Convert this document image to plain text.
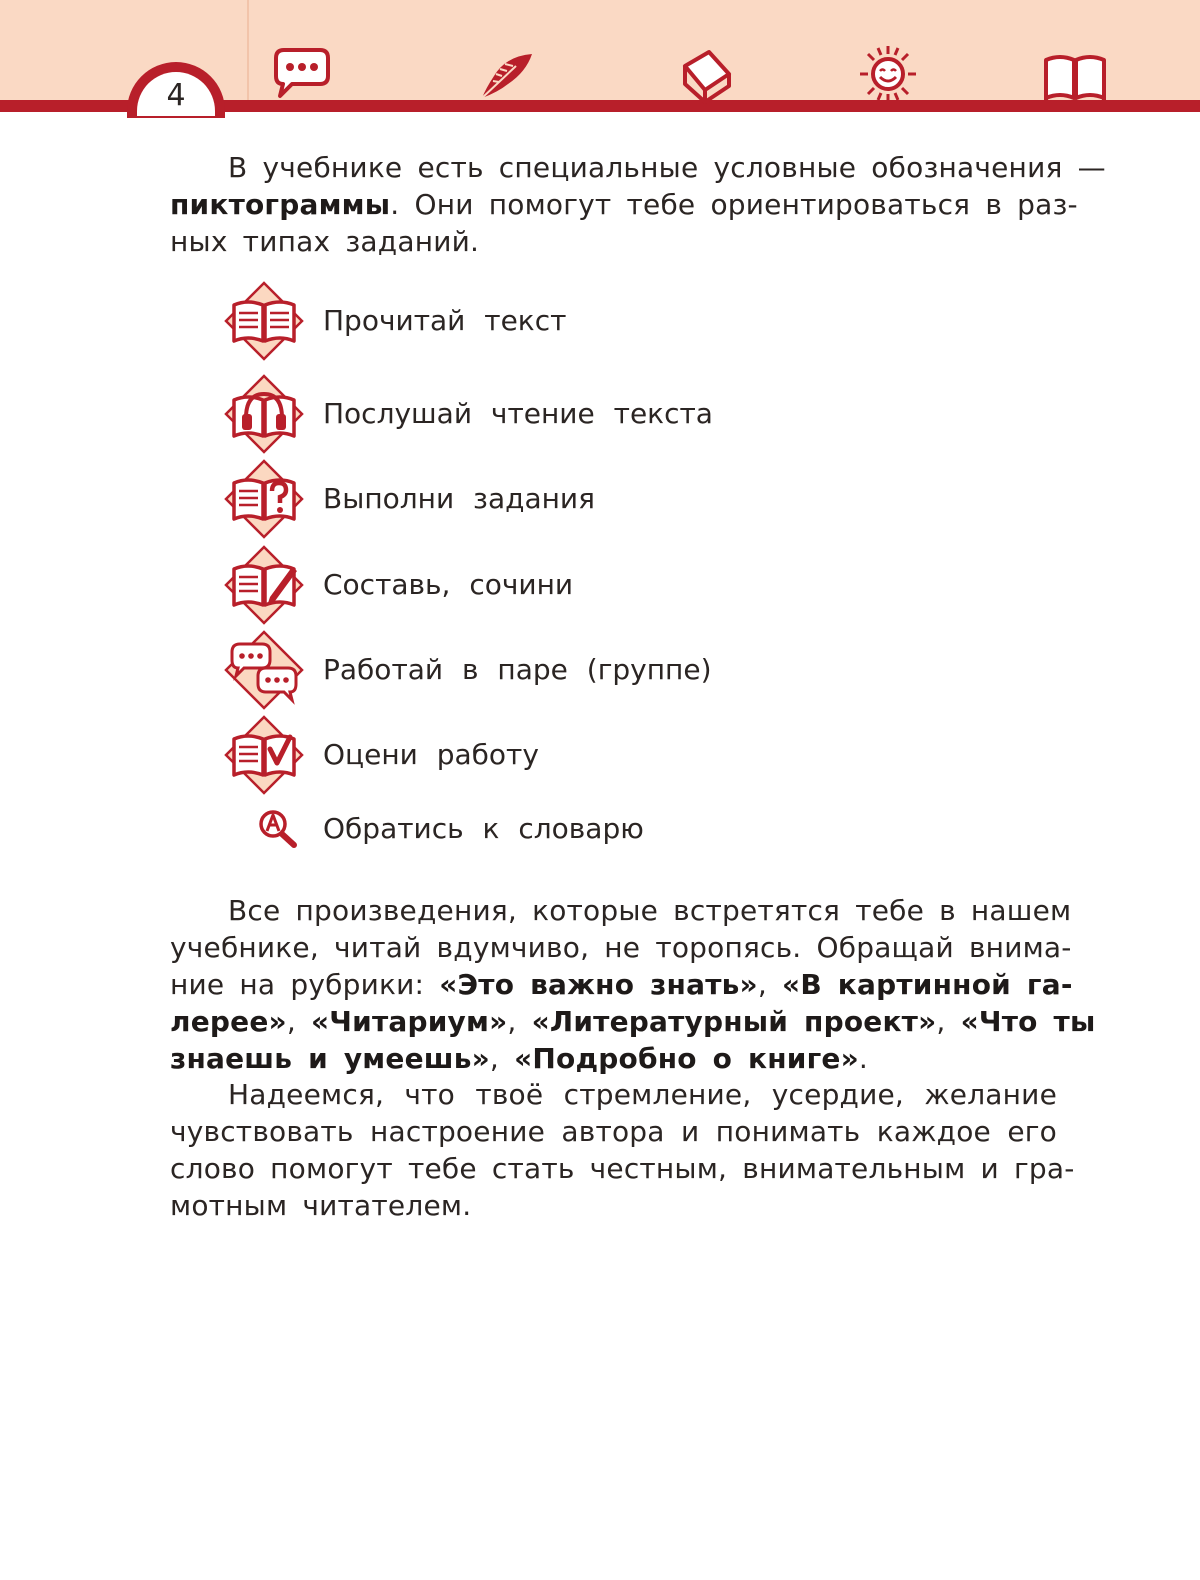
4
В учебнике есть специальные условные обозначения —
пиктограммы. Они помогут тебе ориентироваться в раз-
ных типах заданий.
Прочитай текст
Послушай чтение текста
Выполни задания
Составь, сочини
Работай в паре (группе)
Оцени работу
Обратись к словарю
Все произведения, которые встретятся тебе в нашем
учебнике, читай вдумчиво, не торопясь. Обращай внима-
ние на рубрики: «Это важно знать», «В картинной га-
лерее», «Читариум», «Литературный проект», «Что ты
знаешь и умеешь», «Подробно о книге».
Надеемся, что твоё стремление, усердие, желание
чувствовать настроение автора и понимать каждое его
слово помогут тебе стать честным, внимательным и гра-
мотным читателем.
